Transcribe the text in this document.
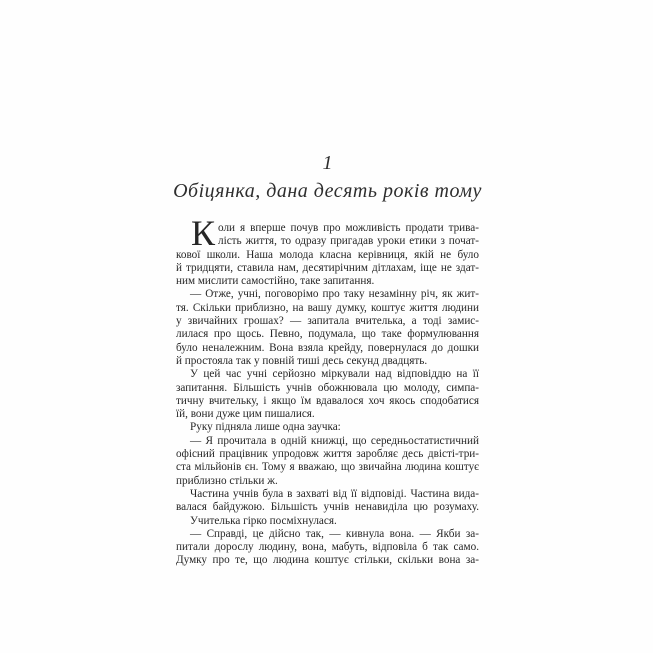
1
Обіцянка, дана десять років тому
К оли я вперше почув про можливість продати трива-
лість життя, то одразу пригадав уроки етики з почат-
кової школи. Наша молода класна керівниця, якій не було
й тридцяти, ставила нам, десятирічним дітлахам, іще не здат-
ним мислити самостійно, таке запитання.
— Отже, учні, поговорімо про таку незамінну річ, як жит-
тя. Скільки приблизно, на вашу думку, коштує життя людини
у звичайних грошах? — запитала вчителька, а тоді замис-
лилася про щось. Певно, подумала, що таке формулювання
було неналежним. Вона взяла крейду, повернулася до дошки
й простояла так у повній тиші десь секунд двадцять.
У цей час учні серйозно міркували над відповіддю на її
запитання. Більшість учнів обожнювала цю молоду, симпа-
тичну вчительку, і якщо їм вдавалося хоч якось сподобатися
їй, вони дуже цим пишалися.
Руку підняла лише одна заучка:
— Я прочитала в одній книжці, що середньостатистичний
офісний працівник упродовж життя заробляє десь двісті-три-
ста мільйонів єн. Тому я вважаю, що звичайна людина коштує
приблизно стільки ж.
Частина учнів була в захваті від її відповіді. Частина вида-
валася байдужою. Більшість учнів ненавиділа цю розумаху.
Учителька гірко посміхнулася.
— Справді, це дійсно так, — кивнула вона. — Якби за-
питали дорослу людину, вона, мабуть, відповіла б так само.
Думку про те, що людина коштує стільки, скільки вона за-
